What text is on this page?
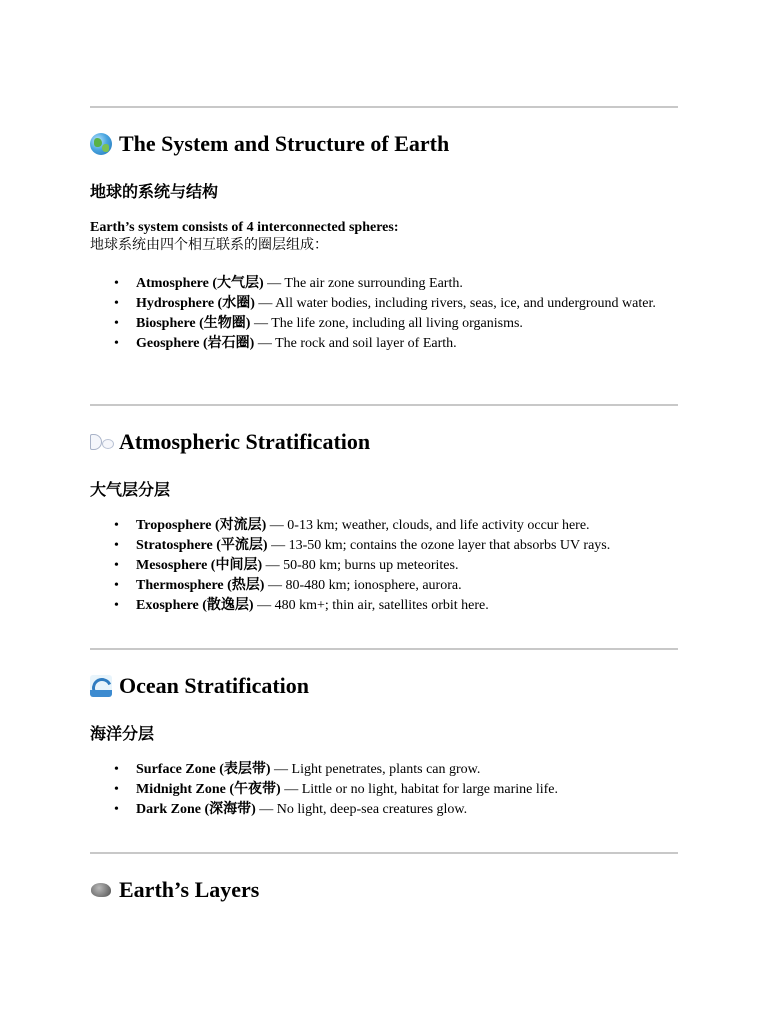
The System and Structure of Earth
地球的系统与结构
Earth’s system consists of 4 interconnected spheres:
地球系统由四个相互联系的圈层组成：
• Atmosphere (大气层) — The air zone surrounding Earth.
• Hydrosphere (水圈) — All water bodies, including rivers, seas, ice, and underground water.
• Biosphere (生物圈) — The life zone, including all living organisms.
• Geosphere (岩石圈) — The rock and soil layer of Earth.
Atmospheric Stratification
大气层分层
• Troposphere (对流层) — 0-13 km; weather, clouds, and life activity occur here.
• Stratosphere (平流层) — 13-50 km; contains the ozone layer that absorbs UV rays.
• Mesosphere (中间层) — 50-80 km; burns up meteorites.
• Thermosphere (热层) — 80-480 km; ionosphere, aurora.
• Exosphere (散逸层) — 480 km+; thin air, satellites orbit here.
Ocean Stratification
海洋分层
• Surface Zone (表层带) — Light penetrates, plants can grow.
• Midnight Zone (午夜带) — Little or no light, habitat for large marine life.
• Dark Zone (深海带) — No light, deep-sea creatures glow.
Earth’s Layers
